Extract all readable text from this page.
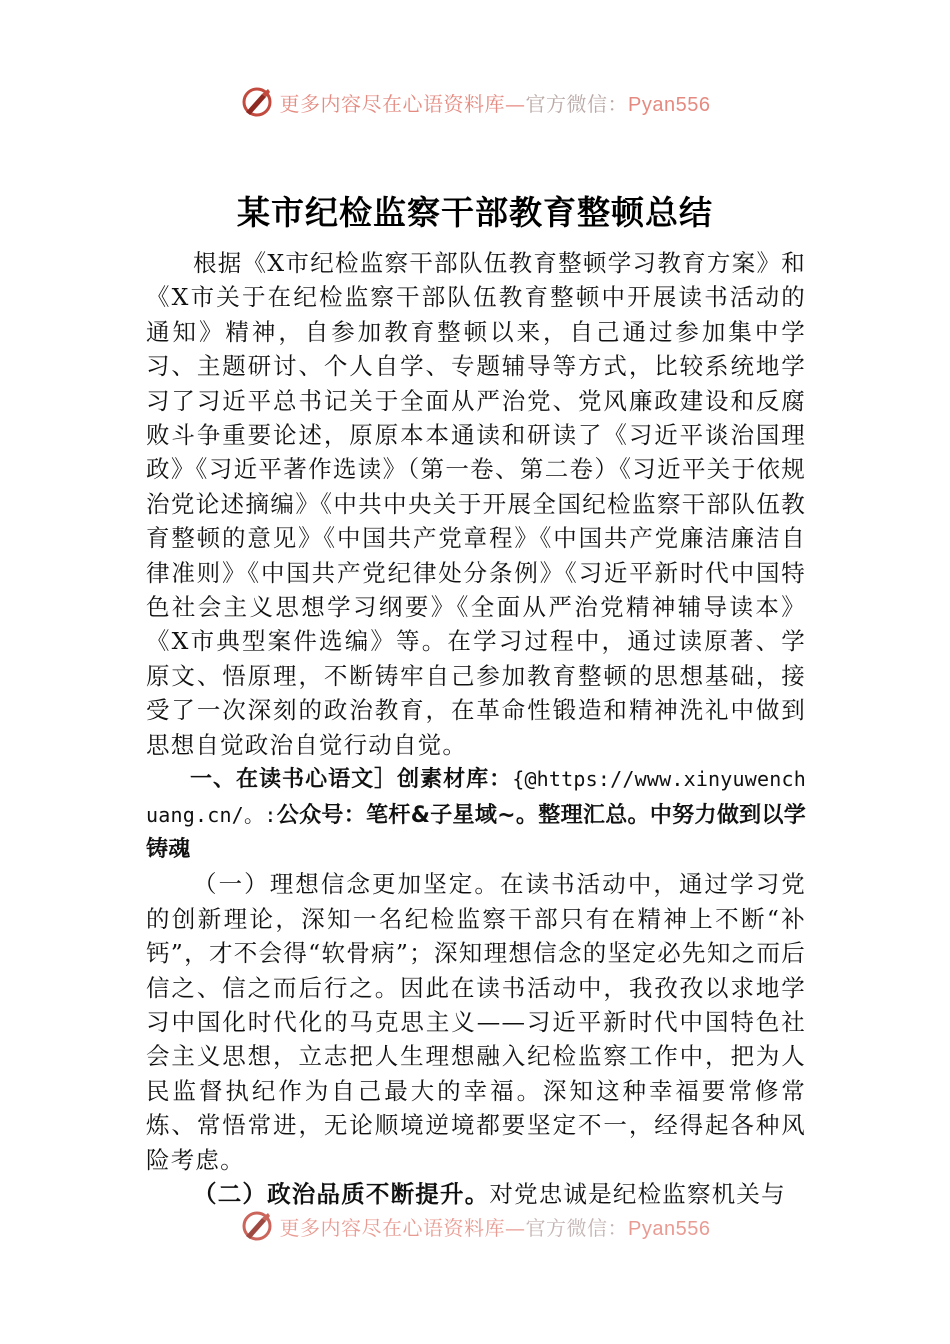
更多内容尽在心语资料库—官方微信：Pyan556
某市纪检监察干部教育整顿总结

根据《X市纪检监察干部队伍教育整顿学习教育方案》和《X市关于在纪检监察干部队伍教育整顿中开展读书活动的通知》精神，自参加教育整顿以来，自己通过参加集中学习、主题研讨、个人自学、专题辅导等方式，比较系统地学习了习近平总书记关于全面从严治党、党风廉政建设和反腐败斗争重要论述，原原本本通读和研读了《习近平谈治国理政》《习近平著作选读》（第一卷、第二卷）《习近平关于依规治党论述摘编》《中共中央关于开展全国纪检监察干部队伍教育整顿的意见》《中国共产党章程》《中国共产党廉洁廉洁自律准则》《中国共产党纪律处分条例》《习近平新时代中国特色社会主义思想学习纲要》《全面从严治党精神辅导读本》《X市典型案件选编》等。在学习过程中，通过读原著、学原文、悟原理，不断铸牢自己参加教育整顿的思想基础，接受了一次深刻的政治教育，在革命性锻造和精神洗礼中做到思想自觉政治自觉行动自觉。

一、在读书心语文］创素材库：{@https://www.xinyuwenchuang.cn/。:公众号：笔杆&子星域~。整理汇总。中努力做到以学铸魂

（一）理想信念更加坚定。在读书活动中，通过学习党的创新理论，深知一名纪检监察干部只有在精神上不断“补钙”，才不会得“软骨病”；深知理想信念的坚定必先知之而后信之、信之而后行之。因此在读书活动中，我孜孜以求地学习中国化时代化的马克思主义——习近平新时代中国特色社会主义思想，立志把人生理想融入纪检监察工作中，把为人民监督执纪作为自己最大的幸福。深知这种幸福要常修常炼、常悟常进，无论顺境逆境都要坚定不一，经得起各种风险考虑。

（二）政治品质不断提升。对党忠诚是纪检监察机关与

更多内容尽在心语资料库—官方微信：Pyan556
